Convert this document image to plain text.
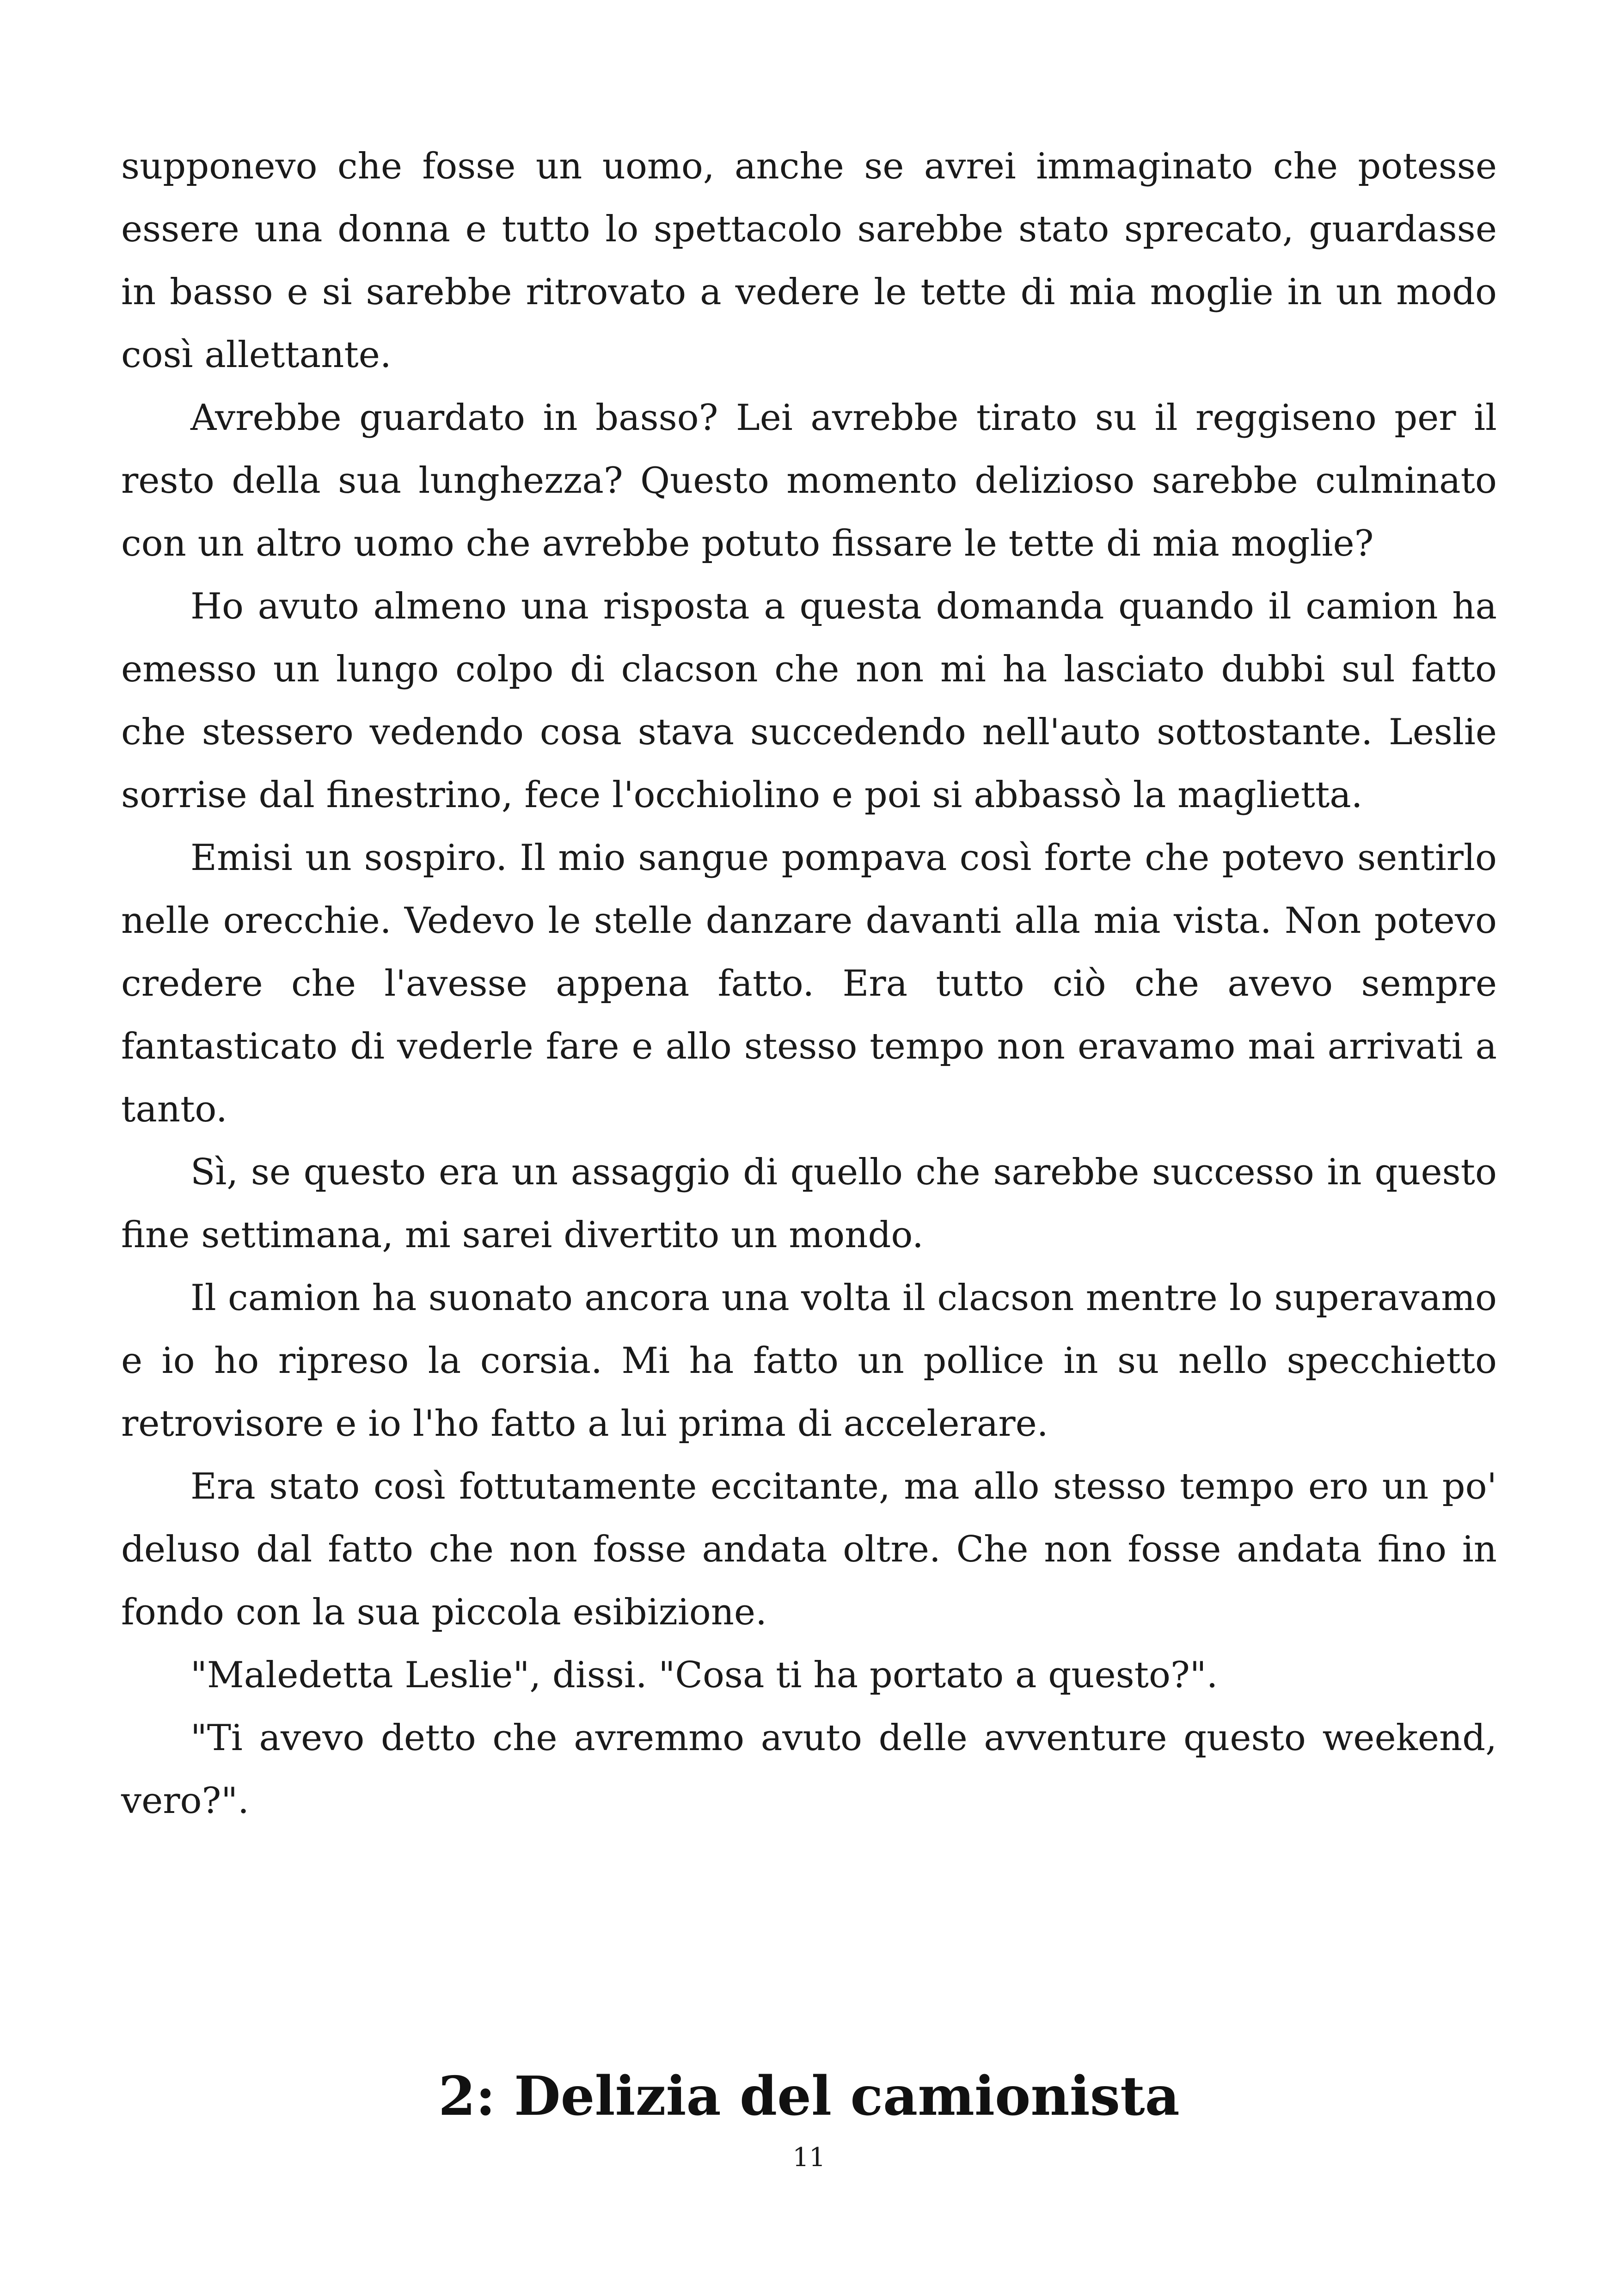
supponevo che fosse un uomo, anche se avrei immaginato che potesse essere una donna e tutto lo spettacolo sarebbe stato sprecato, guardasse in basso e si sarebbe ritrovato a vedere le tette di mia moglie in un modo così allettante.

Avrebbe guardato in basso? Lei avrebbe tirato su il reggiseno per il resto della sua lunghezza? Questo momento delizioso sarebbe culminato con un altro uomo che avrebbe potuto fissare le tette di mia moglie?

Ho avuto almeno una risposta a questa domanda quando il camion ha emesso un lungo colpo di clacson che non mi ha lasciato dubbi sul fatto che stessero vedendo cosa stava succedendo nell'auto sottostante. Leslie sorrise dal finestrino, fece l'occhiolino e poi si abbassò la maglietta.

Emisi un sospiro. Il mio sangue pompava così forte che potevo sentirlo nelle orecchie. Vedevo le stelle danzare davanti alla mia vista. Non potevo credere che l'avesse appena fatto. Era tutto ciò che avevo sempre fantasticato di vederle fare e allo stesso tempo non eravamo mai arrivati a tanto.

Sì, se questo era un assaggio di quello che sarebbe successo in questo fine settimana, mi sarei divertito un mondo.

Il camion ha suonato ancora una volta il clacson mentre lo superavamo e io ho ripreso la corsia. Mi ha fatto un pollice in su nello specchietto retrovisore e io l'ho fatto a lui prima di accelerare.

Era stato così fottutamente eccitante, ma allo stesso tempo ero un po' deluso dal fatto che non fosse andata oltre. Che non fosse andata fino in fondo con la sua piccola esibizione.

"Maledetta Leslie", dissi. "Cosa ti ha portato a questo?".

"Ti avevo detto che avremmo avuto delle avventure questo weekend, vero?".

2: Delizia del camionista
11
